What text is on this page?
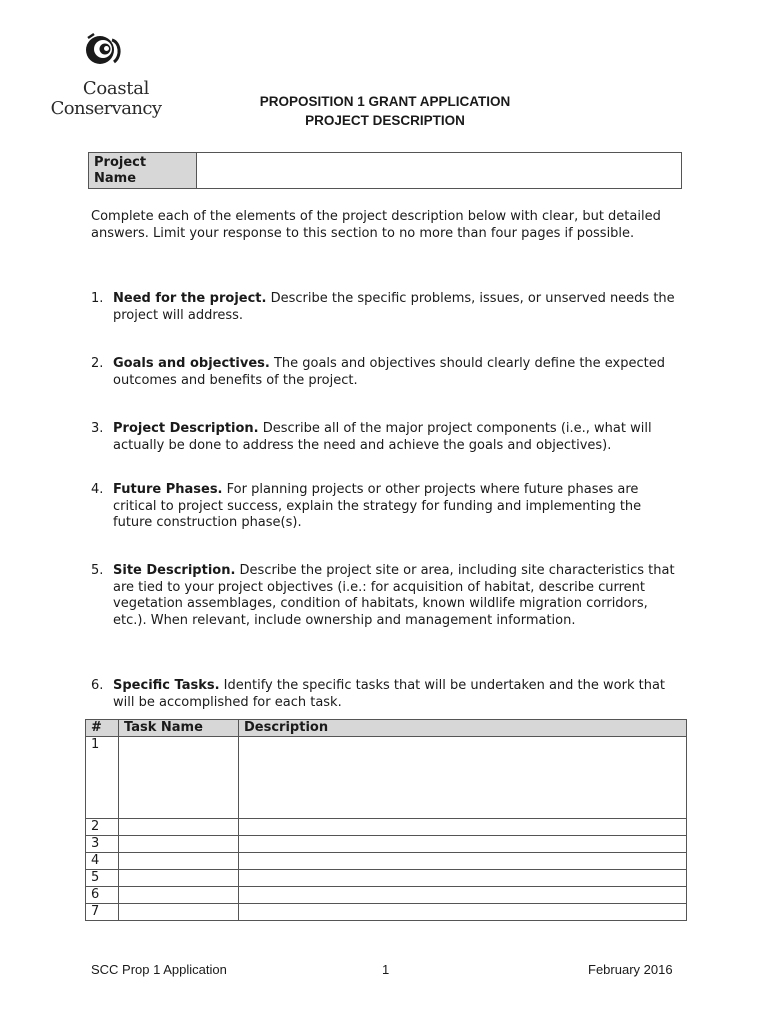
Coastal
Conservancy	PROPOSITION 1 GRANT APPLICATION
PROJECT DESCRIPTION
Project
Name	
Complete each of the elements of the project description below with clear, but detailed answers. Limit your response to this section to no more than four pages if possible.
1. Need for the project. Describe the specific problems, issues, or unserved needs the project will address.
2. Goals and objectives. The goals and objectives should clearly define the expected outcomes and benefits of the project.
3. Project Description. Describe all of the major project components (i.e., what will actually be done to address the need and achieve the goals and objectives).
4. Future Phases. For planning projects or other projects where future phases are critical to project success, explain the strategy for funding and implementing the future construction phase(s).
5. Site Description. Describe the project site or area, including site characteristics that are tied to your project objectives (i.e.: for acquisition of habitat, describe current vegetation assemblages, condition of habitats, known wildlife migration corridors, etc.). When relevant, include ownership and management information.
6. Specific Tasks. Identify the specific tasks that will be undertaken and the work that will be accomplished for each task.
#	Task Name	Description
1		
2		
3		
4		
5		
6		
7		
SCC Prop 1 Application	1	February 2016
